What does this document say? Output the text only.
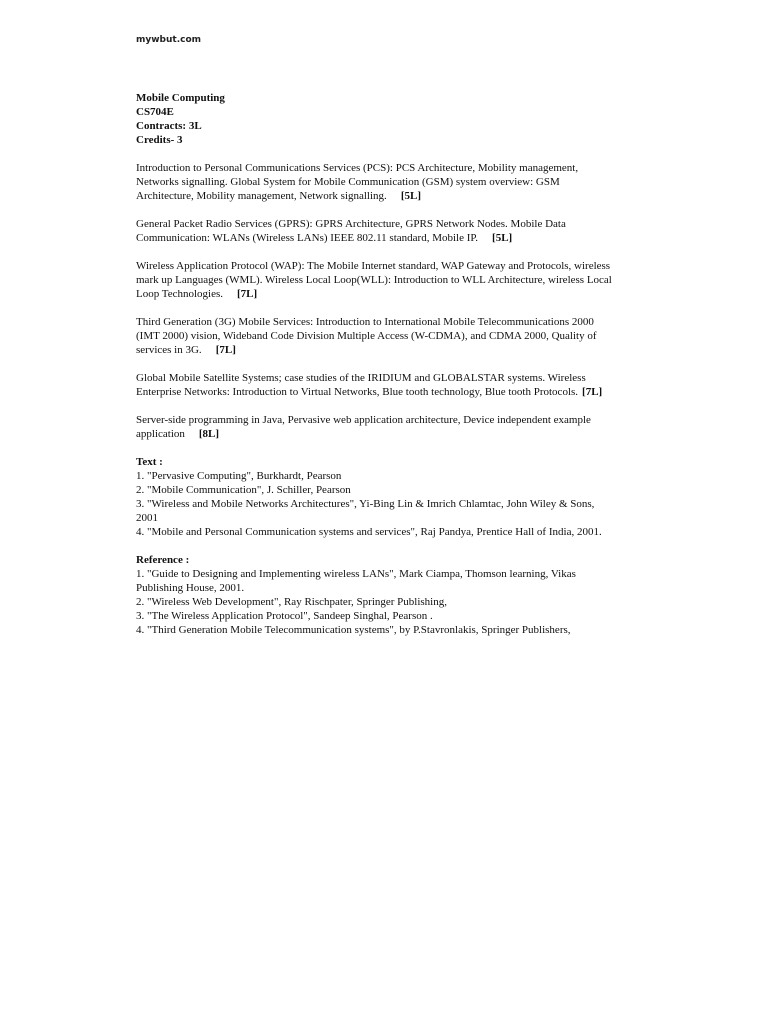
mywbut.com
Mobile Computing
CS704E
Contracts: 3L
Credits- 3
Introduction to Personal Communications Services (PCS): PCS Architecture, Mobility management,
Networks signalling. Global System for Mobile Communication (GSM) system overview: GSM
Architecture, Mobility management, Network signalling. [5L]
General Packet Radio Services (GPRS): GPRS Architecture, GPRS Network Nodes. Mobile Data
Communication: WLANs (Wireless LANs) IEEE 802.11 standard, Mobile IP. [5L]
Wireless Application Protocol (WAP): The Mobile Internet standard, WAP Gateway and Protocols, wireless
mark up Languages (WML). Wireless Local Loop(WLL): Introduction to WLL Architecture, wireless Local
Loop Technologies. [7L]
Third Generation (3G) Mobile Services: Introduction to International Mobile Telecommunications 2000
(IMT 2000) vision, Wideband Code Division Multiple Access (W-CDMA), and CDMA 2000, Quality of
services in 3G. [7L]
Global Mobile Satellite Systems; case studies of the IRIDIUM and GLOBALSTAR systems. Wireless
Enterprise Networks: Introduction to Virtual Networks, Blue tooth technology, Blue tooth Protocols. [7L]
Server-side programming in Java, Pervasive web application architecture, Device independent example
application [8L]
Text :
1. "Pervasive Computing", Burkhardt, Pearson
2. "Mobile Communication", J. Schiller, Pearson
3. "Wireless and Mobile Networks Architectures", Yi-Bing Lin & Imrich Chlamtac, John Wiley & Sons,
2001
4. "Mobile and Personal Communication systems and services", Raj Pandya, Prentice Hall of India, 2001.
Reference :
1. "Guide to Designing and Implementing wireless LANs", Mark Ciampa, Thomson learning, Vikas
Publishing House, 2001.
2. "Wireless Web Development", Ray Rischpater, Springer Publishing,
3. "The Wireless Application Protocol", Sandeep Singhal, Pearson .
4. "Third Generation Mobile Telecommunication systems", by P.Stavronlakis, Springer Publishers,
